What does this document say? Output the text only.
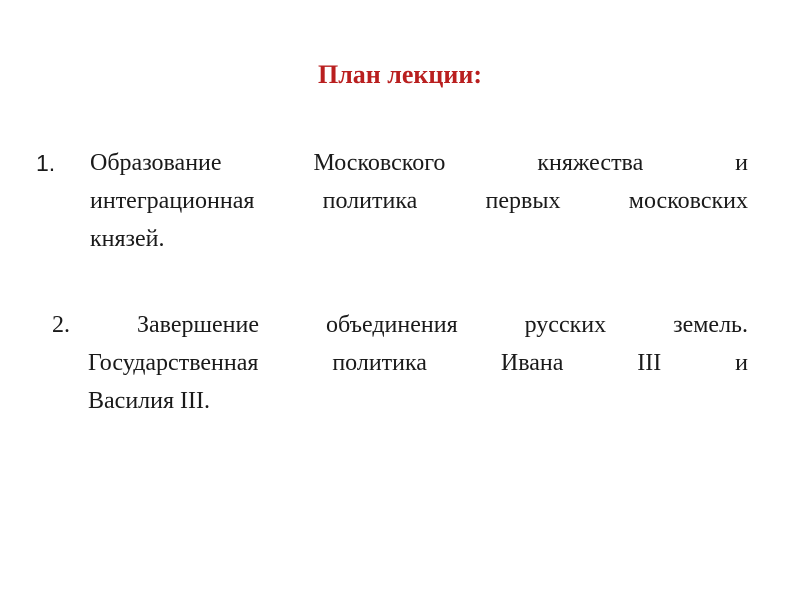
План лекции:
1. Образование Московского княжества и
интеграционная политика первых московских
князей.
2.	Завершение объединения русских земель.
Государственная политика Ивана III и
Василия III.
